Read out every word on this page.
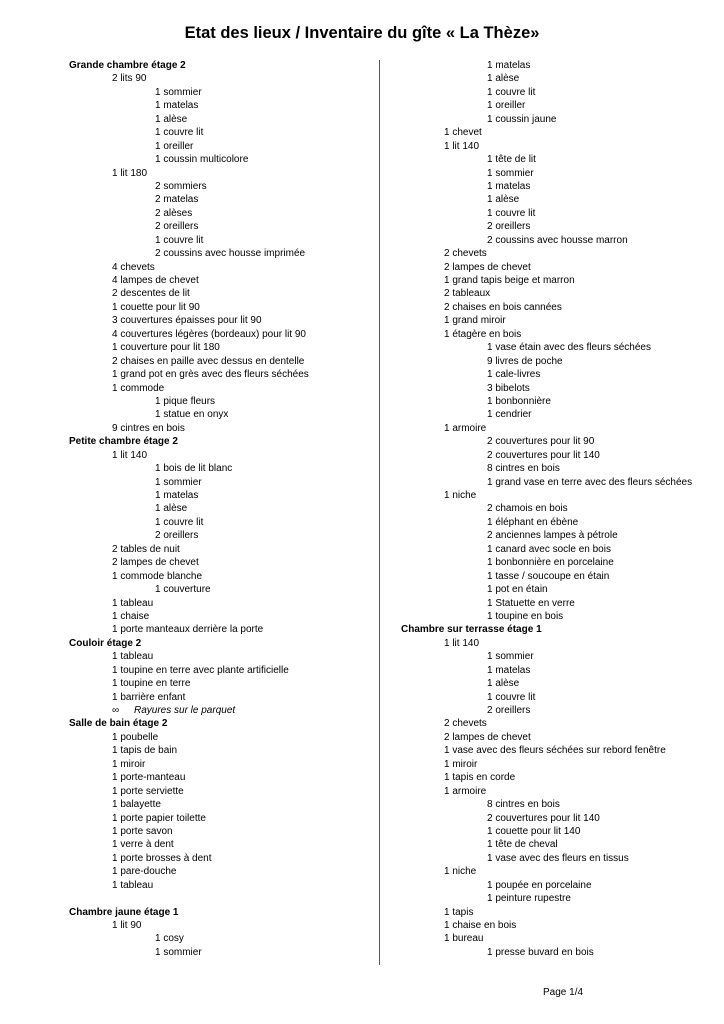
Etat des lieux / Inventaire du gîte « La Thèze»
Grande chambre étage 2
2 lits 90
1 sommier
1 matelas
1 alèse
1 couvre lit
1 oreiller
1 coussin multicolore
1 lit 180
2 sommiers
2 matelas
2 alèses
2 oreillers
1 couvre lit
2 coussins avec housse imprimée
4 chevets
4 lampes de chevet
2 descentes de lit
1 couette pour lit 90
3 couvertures épaisses pour lit 90
4 couvertures légères (bordeaux) pour lit 90
1 couverture pour lit 180
2 chaises en paille avec dessus en dentelle
1 grand pot en grès avec des fleurs séchées
1 commode
1 pique fleurs
1 statue en onyx
9 cintres en bois
Petite chambre étage 2
1 lit 140
1 bois de lit blanc
1 sommier
1 matelas
1 alèse
1 couvre lit
2 oreillers
2 tables de nuit
2 lampes de chevet
1 commode blanche
1 couverture
1 tableau
1 chaise
1 porte manteaux derrière la porte
Couloir étage 2
1 tableau
1 toupine en terre avec plante artificielle
1 toupine en terre
1 barrière enfant
∞ Rayures sur le parquet
Salle de bain étage 2
1 poubelle
1 tapis de bain
1 miroir
1 porte-manteau
1 porte serviette
1 balayette
1 porte papier toilette
1 porte savon
1 verre à dent
1 porte brosses à dent
1 pare-douche
1 tableau
Chambre jaune étage 1
1 lit 90
1 cosy
1 sommier
1 matelas
1 alèse
1 couvre lit
1 oreiller
1 coussin jaune
1 chevet
1 lit 140
1 tête de lit
1 sommier
1 matelas
1 alèse
1 couvre lit
2 oreillers
2 coussins avec housse marron
2 chevets
2 lampes de chevet
1 grand tapis beige et marron
2 tableaux
2 chaises en bois cannées
1 grand miroir
1 étagère en bois
1 vase étain avec des fleurs séchées
9 livres de poche
1 cale-livres
3 bibelots
1 bonbonnière
1 cendrier
1 armoire
2 couvertures pour lit 90
2 couvertures pour lit 140
8 cintres en bois
1 grand vase en terre avec des fleurs séchées
1 niche
2 chamois en bois
1 éléphant en ébène
2 anciennes lampes à pétrole
1 canard avec socle en bois
1 bonbonnière en porcelaine
1 tasse / soucoupe en étain
1 pot en étain
1 Statuette en verre
1 toupine en bois
Chambre sur terrasse étage 1
1 lit 140
1 sommier
1 matelas
1 alèse
1 couvre lit
2 oreillers
2 chevets
2 lampes de chevet
1 vase avec des fleurs séchées sur rebord fenêtre
1 miroir
1 tapis en corde
1 armoire
8 cintres en bois
2 couvertures pour lit 140
1 couette pour lit 140
1 tête de cheval
1 vase avec des fleurs en tissus
1 niche
1 poupée en porcelaine
1 peinture rupestre
1 tapis
1 chaise en bois
1 bureau
1 presse buvard en bois
Page 1/4
